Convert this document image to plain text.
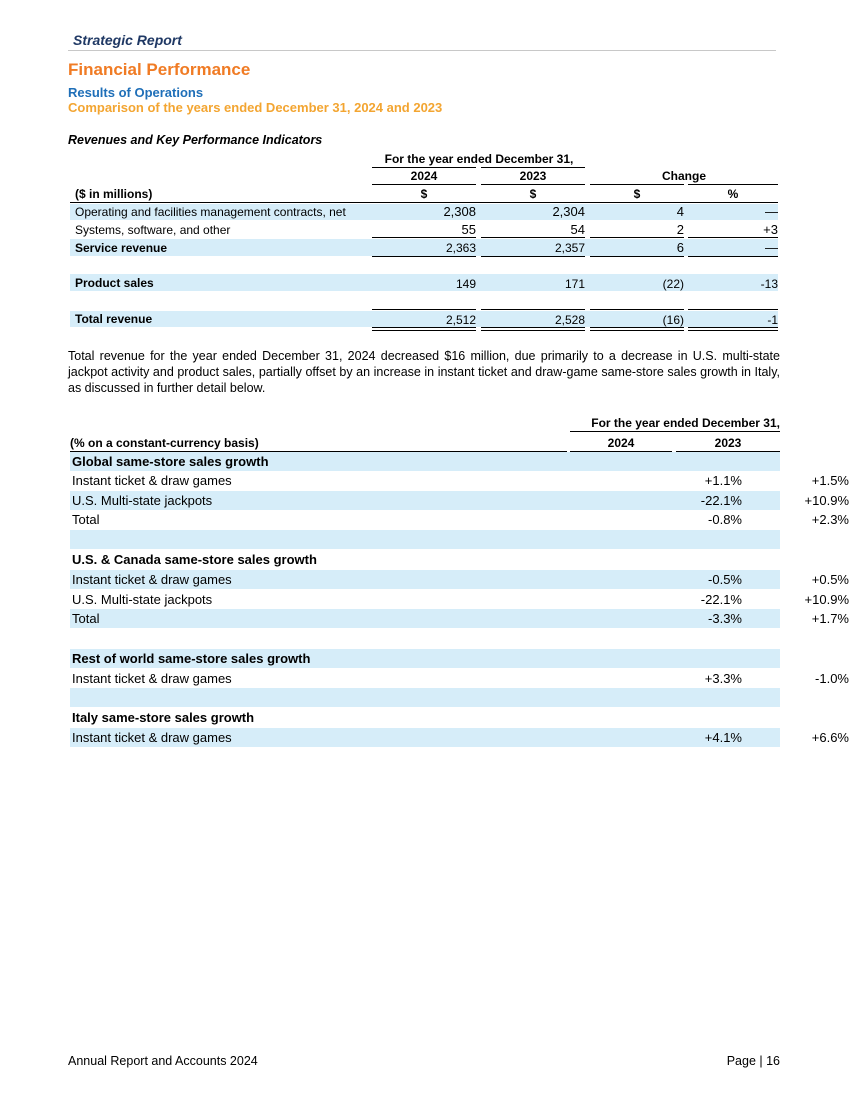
Strategic Report
Financial Performance
Results of Operations
Comparison of the years ended December 31, 2024 and 2023
Revenues and Key Performance Indicators
For the year ended December 31,
2024	2023	Change
($ in millions)	$	$	$	%
Operating and facilities management contracts, net	2,308	2,304	4	—
Systems, software, and other	55	54	2	+3
Service revenue	2,363	2,357	6	—
Product sales	149	171	(22)	-13
Total revenue	2,512	2,528	(16)	-1
Total revenue for the year ended December 31, 2024 decreased $16 million, due primarily to a decrease in U.S. multi-state jackpot activity and product sales, partially offset by an increase in instant ticket and draw-game same-store sales growth in Italy, as discussed in further detail below.
For the year ended December 31,
(% on a constant-currency basis)	2024	2023
Global same-store sales growth
Instant ticket & draw games	+1.1%	+1.5%
U.S. Multi-state jackpots	-22.1%	+10.9%
Total	-0.8%	+2.3%
U.S. & Canada same-store sales growth
Instant ticket & draw games	-0.5%	+0.5%
U.S. Multi-state jackpots	-22.1%	+10.9%
Total	-3.3%	+1.7%
Rest of world same-store sales growth
Instant ticket & draw games	+3.3%	-1.0%
Italy same-store sales growth
Instant ticket & draw games	+4.1%	+6.6%
Annual Report and Accounts 2024	Page | 16
